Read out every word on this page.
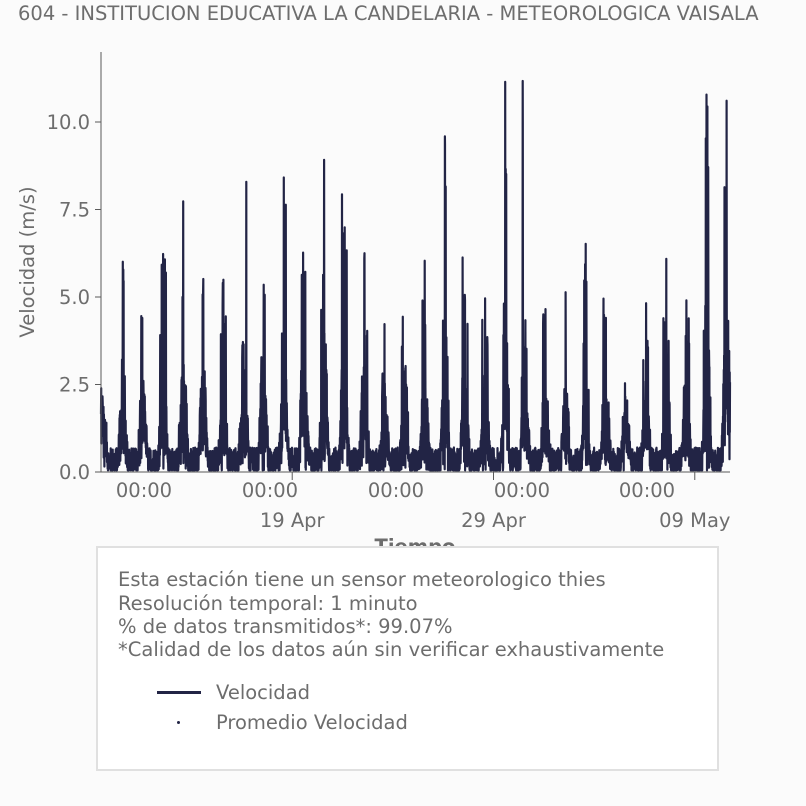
604 - INSTITUCION EDUCATIVA LA CANDELARIA - METEOROLOGICA VAISALA
0.0
2.5
5.0
7.5
10.0
00:00	00:00	00:00	00:00	00:00
19 Apr	29 Apr	09 May
Velocidad (m/s)
Esta estación tiene un sensor meteorologico thies
Resolución temporal: 1 minuto
% de datos transmitidos*: 99.07%
*Calidad de los datos aún sin verificar exhaustivamente
Velocidad
Promedio Velocidad
